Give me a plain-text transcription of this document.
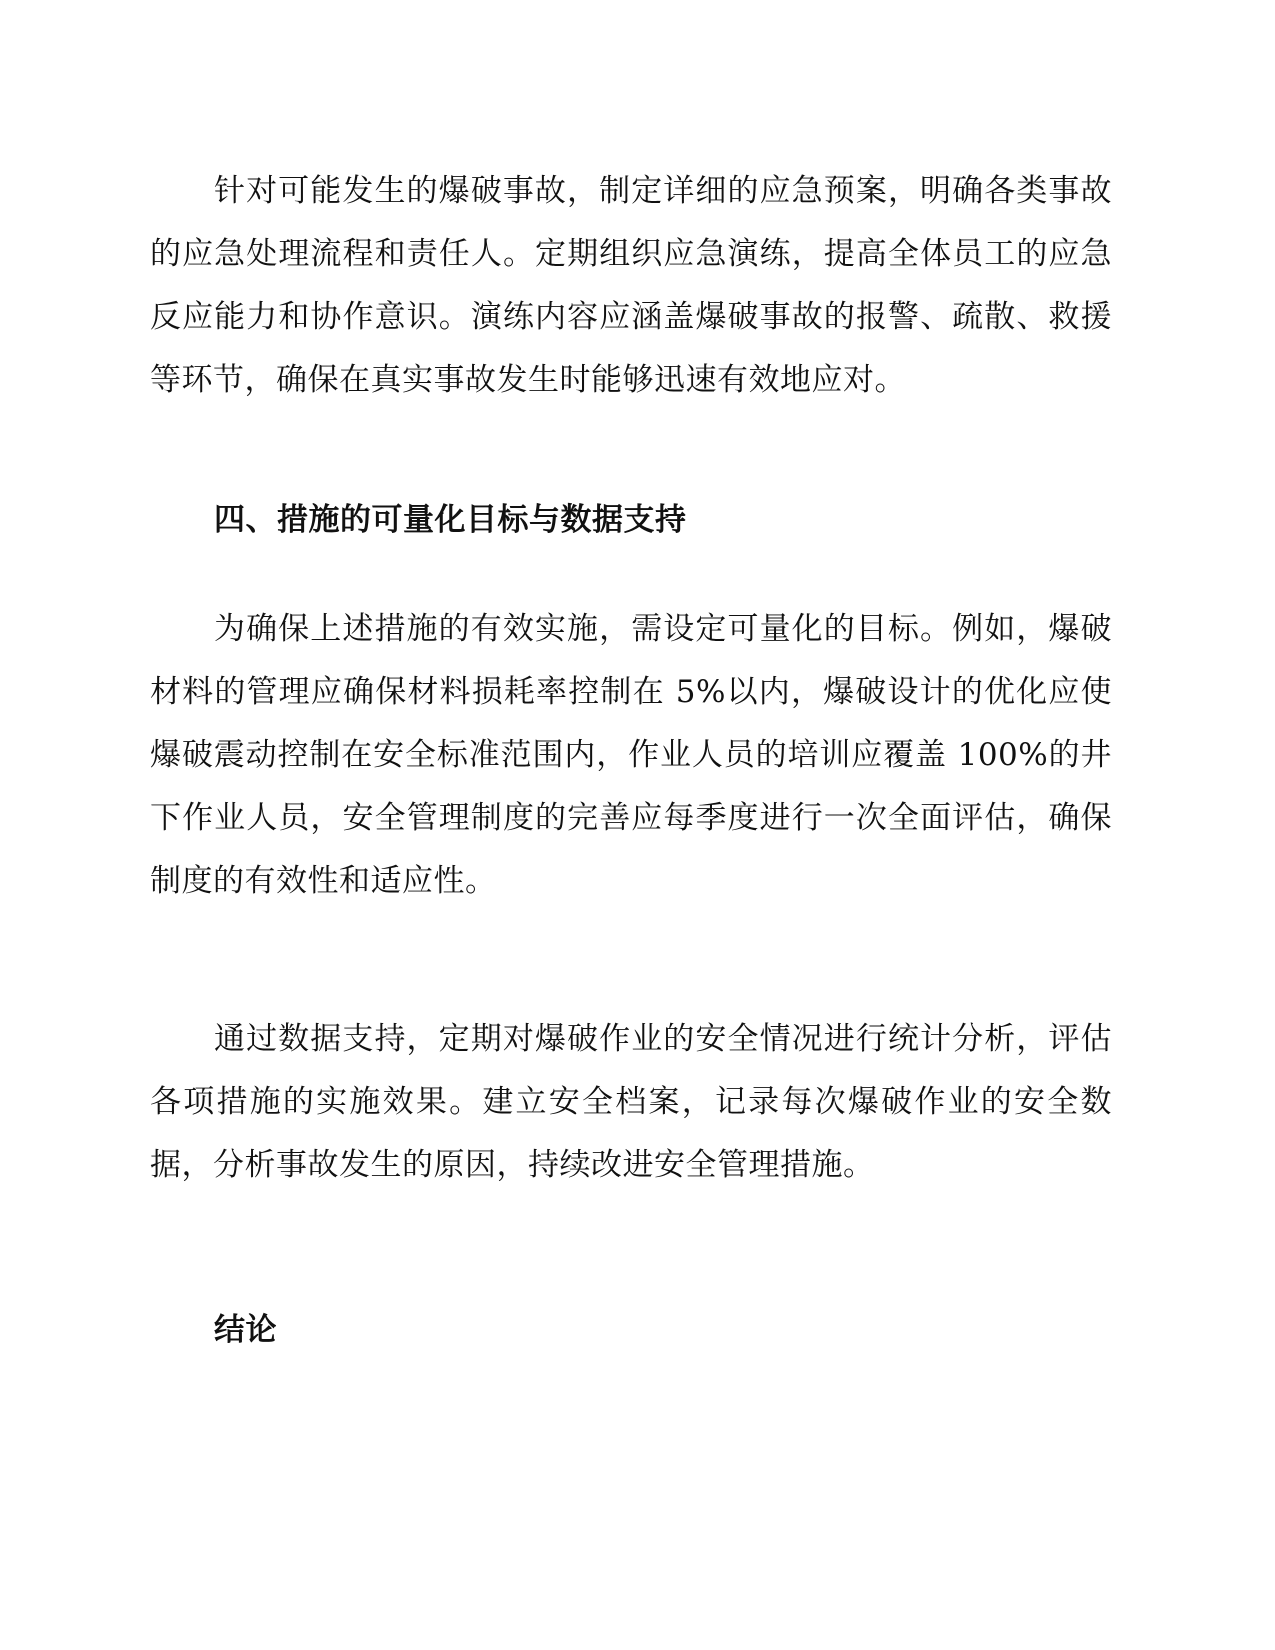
针对可能发生的爆破事故，制定详细的应急预案，明确各类事故的应急处理流程和责任人。定期组织应急演练，提高全体员工的应急反应能力和协作意识。演练内容应涵盖爆破事故的报警、疏散、救援等环节，确保在真实事故发生时能够迅速有效地应对。

四、措施的可量化目标与数据支持

为确保上述措施的有效实施，需设定可量化的目标。例如，爆破材料的管理应确保材料损耗率控制在 5%以内，爆破设计的优化应使爆破震动控制在安全标准范围内，作业人员的培训应覆盖 100%的井下作业人员，安全管理制度的完善应每季度进行一次全面评估，确保制度的有效性和适应性。

通过数据支持，定期对爆破作业的安全情况进行统计分析，评估各项措施的实施效果。建立安全档案，记录每次爆破作业的安全数据，分析事故发生的原因，持续改进安全管理措施。

结论
